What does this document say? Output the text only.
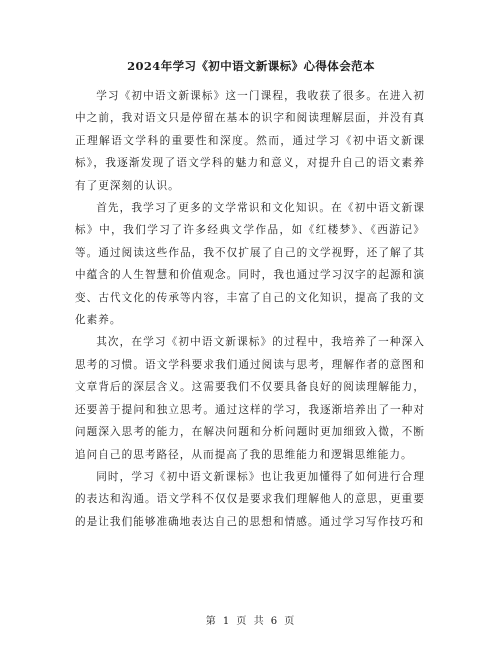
2024年学习《初中语文新课标》心得体会范本

学习《初中语文新课标》这一门课程，我收获了很多。在进入初中之前，我对语文只是停留在基本的识字和阅读理解层面，并没有真正理解语文学科的重要性和深度。然而，通过学习《初中语文新课标》，我逐渐发现了语文学科的魅力和意义，对提升自己的语文素养有了更深刻的认识。

首先，我学习了更多的文学常识和文化知识。在《初中语文新课标》中，我们学习了许多经典文学作品，如《红楼梦》、《西游记》等。通过阅读这些作品，我不仅扩展了自己的文学视野，还了解了其中蕴含的人生智慧和价值观念。同时，我也通过学习汉字的起源和演变、古代文化的传承等内容，丰富了自己的文化知识，提高了我的文化素养。

其次，在学习《初中语文新课标》的过程中，我培养了一种深入思考的习惯。语文学科要求我们通过阅读与思考，理解作者的意图和文章背后的深层含义。这需要我们不仅要具备良好的阅读理解能力，还要善于提问和独立思考。通过这样的学习，我逐渐培养出了一种对问题深入思考的能力，在解决问题和分析问题时更加细致入微，不断追问自己的思考路径，从而提高了我的思维能力和逻辑思维能力。

同时，学习《初中语文新课标》也让我更加懂得了如何进行合理的表达和沟通。语文学科不仅仅是要求我们理解他人的意思，更重要的是让我们能够准确地表达自己的思想和情感。通过学习写作技巧和

第 1 页 共 6 页
